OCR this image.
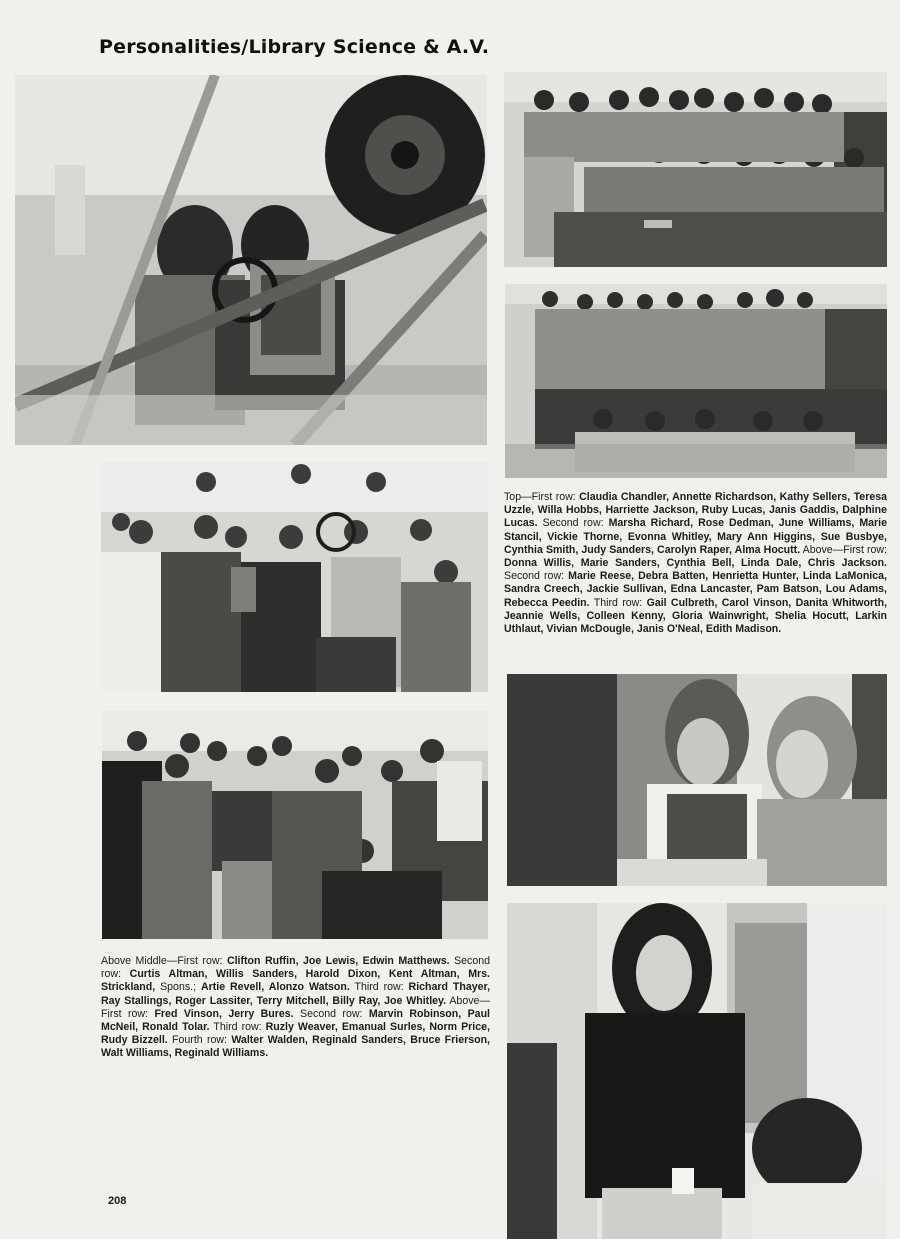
Personalities/Library Science & A.V.

Top—First row: Claudia Chandler, Annette Richardson, Kathy Sellers, Teresa Uzzle, Willa Hobbs, Harriette Jackson, Ruby Lucas, Janis Gaddis, Dalphine Lucas. Second row: Marsha Richard, Rose Dedman, June Williams, Marie Stancil, Vickie Thorne, Evonna Whitley, Mary Ann Higgins, Sue Busbye, Cynthia Smith, Judy Sanders, Carolyn Raper, Alma Hocutt. Above—First row: Donna Willis, Marie Sanders, Cynthia Bell, Linda Dale, Chris Jackson. Second row: Marie Reese, Debra Batten, Henrietta Hunter, Linda LaMonica, Sandra Creech, Jackie Sullivan, Edna Lancaster, Pam Batson, Lou Adams, Rebecca Peedin. Third row: Gail Culbreth, Carol Vinson, Danita Whitworth, Jeannie Wells, Colleen Kenny, Gloria Wainwright, Shelia Hocutt, Larkin Uthlaut, Vivian McDougle, Janis O'Neal, Edith Madison.

Above Middle—First row: Clifton Ruffin, Joe Lewis, Edwin Matthews. Second row: Curtis Altman, Willis Sanders, Harold Dixon, Kent Altman, Mrs. Strickland, Spons.; Artie Revell, Alonzo Watson. Third row: Richard Thayer, Ray Stallings, Roger Lassiter, Terry Mitchell, Billy Ray, Joe Whitley. Above—First row: Fred Vinson, Jerry Bures. Second row: Marvin Robinson, Paul McNeil, Ronald Tolar. Third row: Ruzly Weaver, Emanual Surles, Norm Price, Rudy Bizzell. Fourth row: Walter Walden, Reginald Sanders, Bruce Frierson, Walt Williams, Reginald Williams.

208
